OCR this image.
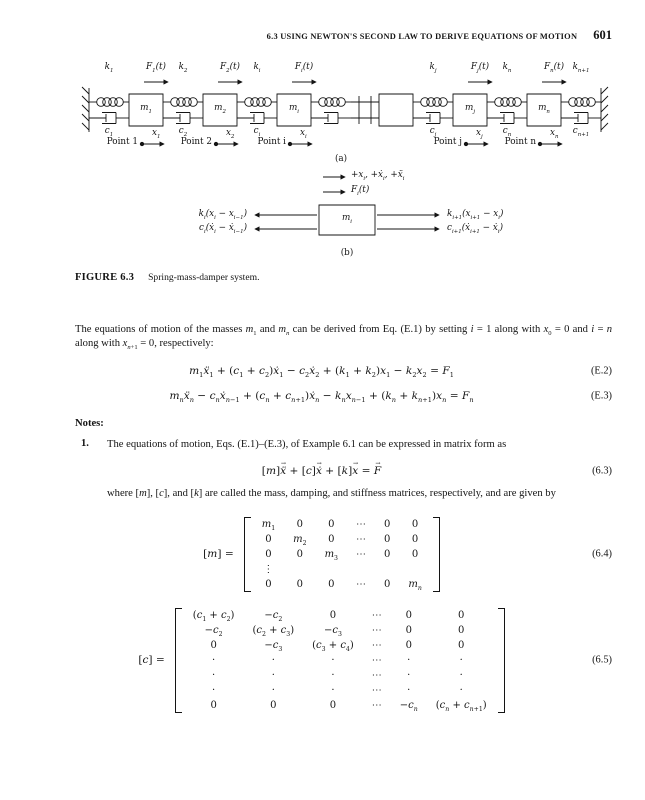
6.3 USING NEWTON'S SECOND LAW TO DERIVE EQUATIONS OF MOTION 601
$k_1$	$k_2$	$k_i$	$k_j$	$k_n$	$k_{n+1}$
$F_1(t)$	$F_2(t)$	$F_i(t)$	$F_j(t)$	$F_n(t)$
$m_1$	$m_2$	$m_i$	$m_j$	$m_n$
$c_1$	$c_2$	$c_i$	$c_j$	$c_n$	$c_{n+1}$
$x_1$	$x_2$	$x_i$	$x_j$	$x_n$
Point 1	Point 2	Point i	Point j	Point n
(a)
$+x_i$, +ẋ$_i$, +ẍ$_i$
$F_i(t)$
$m_i$
$k_i(x_i - x_{i-1})$
$c_i(ẋ_i$ − ẋ$_{i-1}$)
$k_{i+1}(x_{i+1} - x_i)$
$c_{i+1}(ẋ_{i+1}$ − ẋ$_i$)
(b)
FIGURE 6.3 Spring-mass-damper system.
The equations of motion of the masses $m_1$ and $m_n$ can be derived from Eq. (E.1) by setting i = 1 along with $x_0 = 0$ and i = n along with $x_{n+1} = 0$, respectively:
$m_1ẍ_1 + (c_1$ + $c_2)ẋ_1$ − $c_2ẋ_2 + (k_1 + k_2)x_1 - k_2x_2 = F_1$	(E.2)
$m_nẍ_n$ − $c_nẋ_{n-1} + (c_n$ + $c_{n+1})ẋ_n - k_nx_{n-1} + (k_n + k_{n+1})x_n = F_n$	(E.3)
Notes:
1.	The equations of motion, Eqs. (E.1)–(E.3), of Example 6.1 can be expressed in matrix form as
[m]ẍ → + [c]ẋ → + [k]x → = F →	(6.3)
where [m], [c], and [k] are called the mass, damping, and stiffness matrices, respectively, and are given by
[m] =
$m_1$	0	0	⋯	0	0
0	$m_2$	0	⋯	0	0
0	0	$m_3$	⋯	0	0
⋮					
0	0	0	⋯	0	$m_n$
(6.4)
[c] =
$(c_1 + c_2)$	$-c_2$	0	⋯	0	0
$-c_2$	$(c_2 + c_3)$	$-c_3$	⋯	0	0
0	$-c_3$	$(c_3 + c_4)$	⋯	0	0
·	·	·	⋯	·	·
·	·	·	⋯	·	·
·	·	·	⋯	·	·
0	0	0	⋯	$-c_n$	$(c_n + c_{n+1})$
(6.5)
